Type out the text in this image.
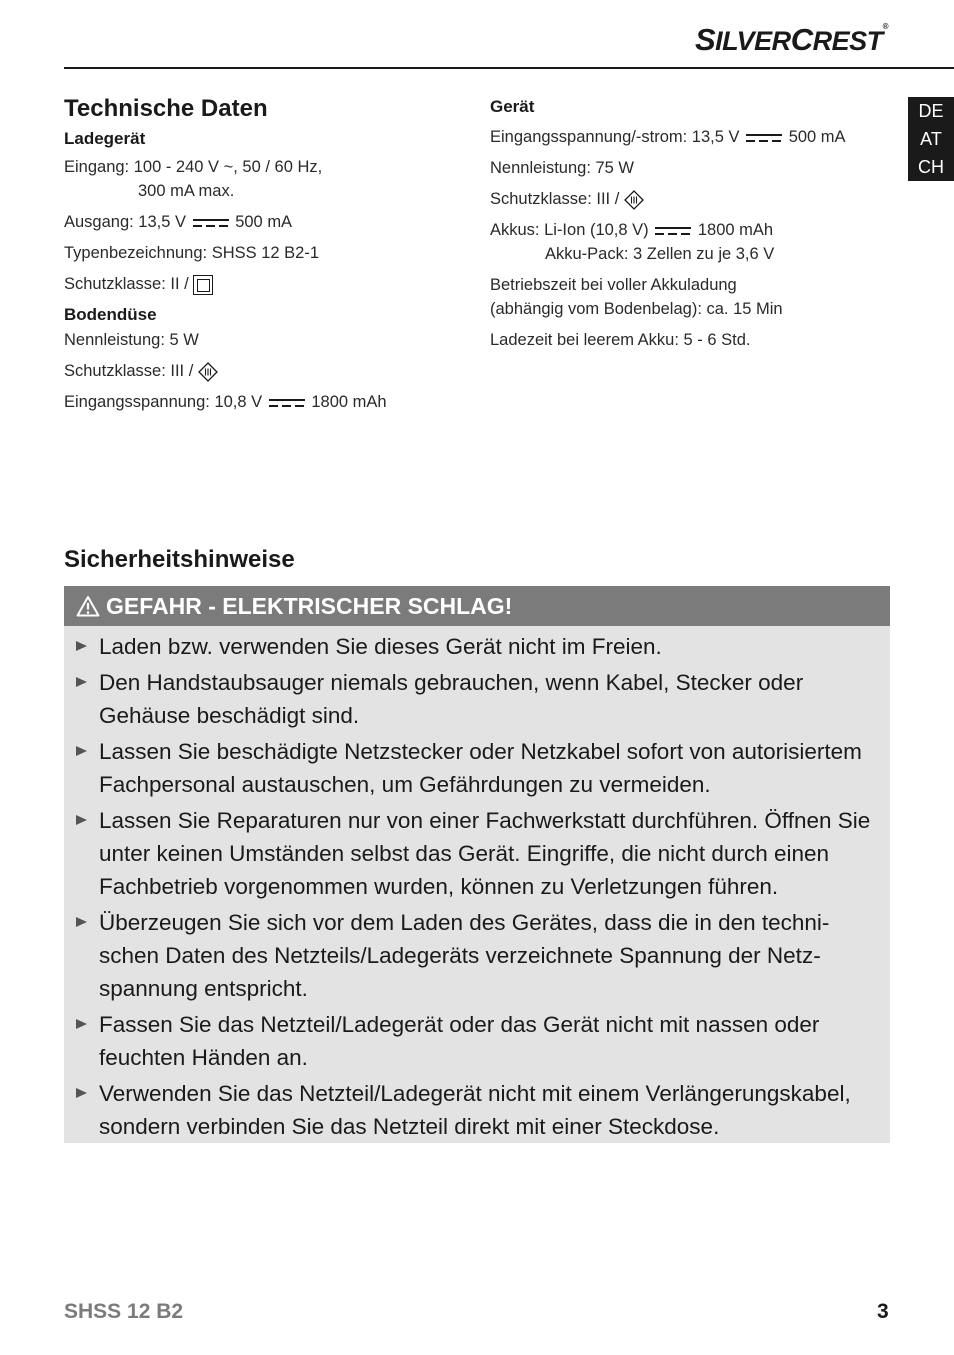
SILVERCREST®
DE
AT
CH
Technische Daten
Ladegerät

Eingang: 100 - 240 V ~, 50 / 60 Hz,
300 mA max.

Ausgang: 13,5 V	500 mA

Typenbezeichnung: SHSS 12 B2-1

Schutzklasse: II /

Bodendüse

Nennleistung: 5 W

Schutzklasse: III /

Eingangsspannung: 10,8 V	1800 mAh

Gerät

Eingangsspannung/-strom: 13,5 V	500 mA

Nennleistung: 75 W

Schutzklasse: III /

Akkus: Li-Ion (10,8 V)	1800 mAh
Akku-Pack: 3 Zellen zu je 3,6 V

Betriebszeit bei voller Akkuladung
(abhängig vom Bodenbelag): ca. 15 Min

Ladezeit bei leerem Akku: 5 - 6 Std.

Sicherheitshinweise
GEFAHR - ELEKTRISCHER SCHLAG!
Laden bzw. verwenden Sie dieses Gerät nicht im Freien.
Den Handstaubsauger niemals gebrauchen, wenn Kabel, Stecker oder
Gehäuse beschädigt sind.
Lassen Sie beschädigte Netzstecker oder Netzkabel sofort von autorisiertem
Fachpersonal austauschen, um Gefährdungen zu vermeiden.
Lassen Sie Reparaturen nur von einer Fachwerkstatt durchführen. Öffnen Sie
unter keinen Umständen selbst das Gerät. Eingriffe, die nicht durch einen
Fachbetrieb vorgenommen wurden, können zu Verletzungen führen.
Überzeugen Sie sich vor dem Laden des Gerätes, dass die in den techni-
schen Daten des Netzteils/Ladegeräts verzeichnete Spannung der Netz-
spannung entspricht.
Fassen Sie das Netzteil/Ladegerät oder das Gerät nicht mit nassen oder
feuchten Händen an.
Verwenden Sie das Netzteil/Ladegerät nicht mit einem Verlängerungskabel,
sondern verbinden Sie das Netzteil direkt mit einer Steckdose.
SHSS 12 B2	3
